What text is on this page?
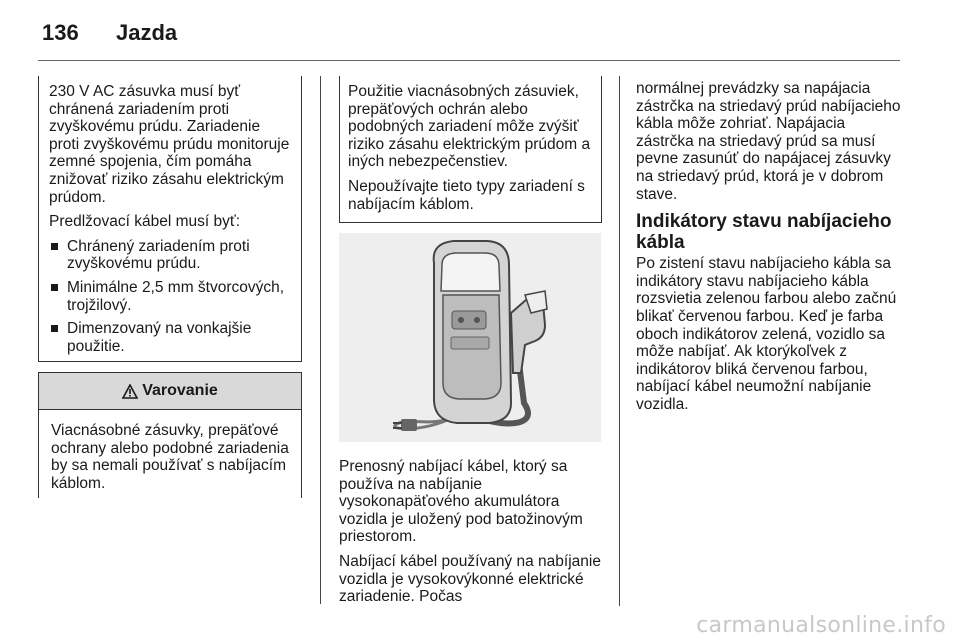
136 Jazda

230 V AC zásuvka musí byť chránená zariadením proti zvyškovému prúdu. Zariadenie proti zvyškovému prúdu monitoruje zemné spojenia, čím pomáha znižovať riziko zásahu elektrickým prúdom.

Predlžovací kábel musí byť:

Chránený zariadením proti zvyškovému prúdu.
Minimálne 2,5 mm štvorcových, trojžilový.
Dimenzovaný na vonkajšie použitie.
Varovanie
Viacnásobné zásuvky, prepäťové ochrany alebo podobné zariadenia by sa nemali používať s nabíjacím káblom.

Použitie viacnásobných zásuviek, prepäťových ochrán alebo podobných zariadení môže zvýšiť riziko zásahu elektrickým prúdom a iných nebezpečenstiev.

Nepoužívajte tieto typy zariadení s nabíjacím káblom.

Prenosný nabíjací kábel, ktorý sa používa na nabíjanie vysokonapäťového akumulátora vozidla je uložený pod batožinovým priestorom.

Nabíjací kábel používaný na nabíjanie vozidla je vysokovýkonné elektrické zariadenie. Počas

normálnej prevádzky sa napájacia zástrčka na striedavý prúd nabíjacieho kábla môže zohriať. Napájacia zástrčka na striedavý prúd sa musí pevne zasunúť do napájacej zásuvky na striedavý prúd, ktorá je v dobrom stave.

Indikátory stavu nabíjacieho kábla

Po zistení stavu nabíjacieho kábla sa indikátory stavu nabíjacieho kábla rozsvietia zelenou farbou alebo začnú blikať červenou farbou. Keď je farba oboch indikátorov zelená, vozidlo sa môže nabíjať. Ak ktorýkoľvek z indikátorov bliká červenou farbou, nabíjací kábel neumožní nabíjanie vozidla.

carmanualsonline.info
